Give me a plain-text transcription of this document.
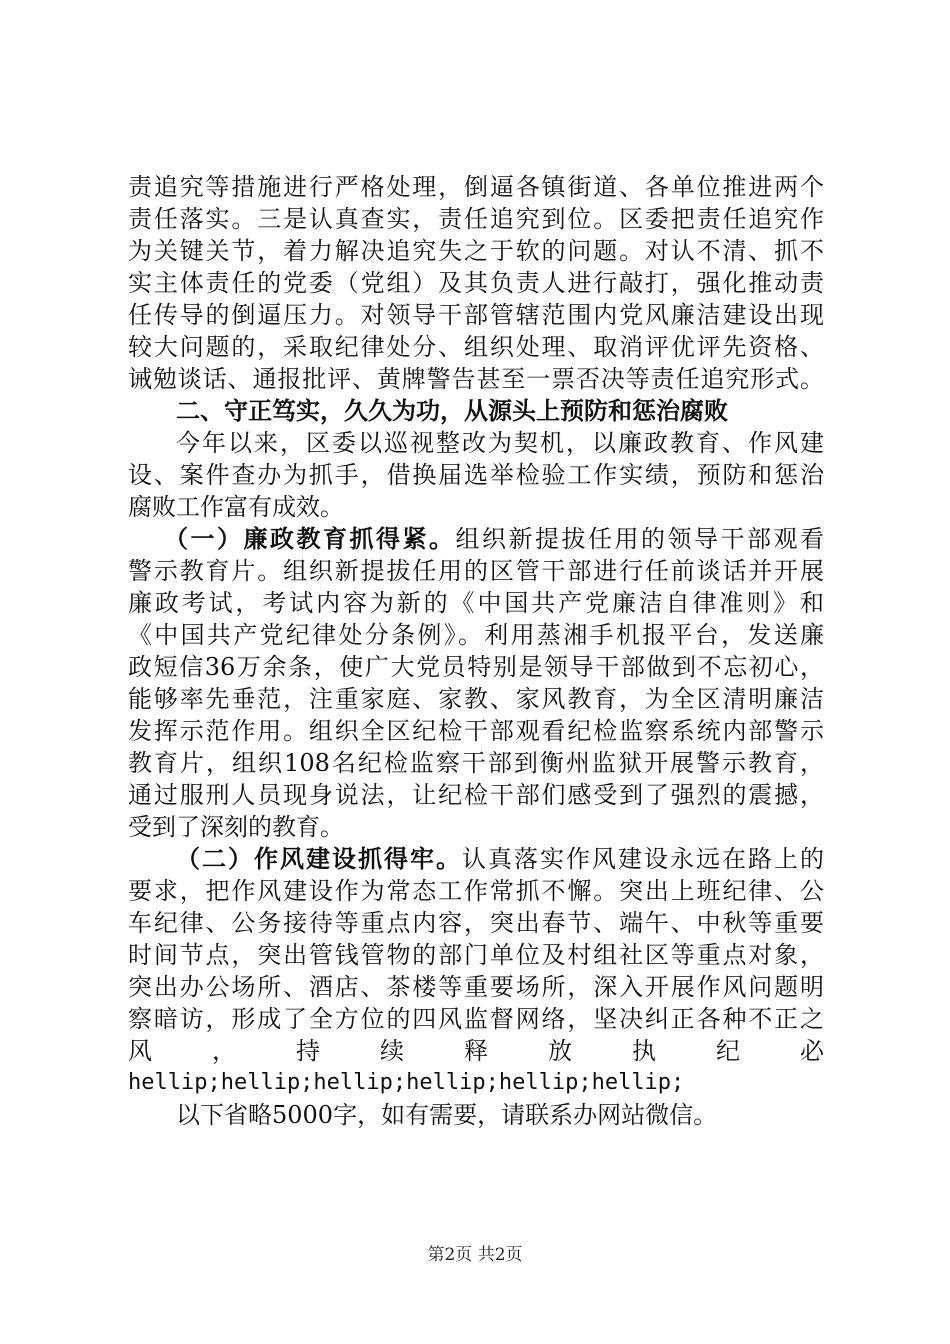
责追究等措施进行严格处理，倒逼各镇街道、各单位推进两个
责任落实。三是认真查实，责任追究到位。区委把责任追究作
为关键关节，着力解决追究失之于软的问题。对认不清、抓不
实主体责任的党委（党组）及其负责人进行敲打，强化推动责
任传导的倒逼压力。对领导干部管辖范围内党风廉洁建设出现
较大问题的，采取纪律处分、组织处理、取消评优评先资格、
诫勉谈话、通报批评、黄牌警告甚至一票否决等责任追究形式。
二、守正笃实，久久为功，从源头上预防和惩治腐败
今年以来，区委以巡视整改为契机，以廉政教育、作风建
设、案件查办为抓手，借换届选举检验工作实绩，预防和惩治
腐败工作富有成效。
（一）廉政教育抓得紧。组织新提拔任用的领导干部观看
警示教育片。组织新提拔任用的区管干部进行任前谈话并开展
廉政考试，考试内容为新的《中国共产党廉洁自律准则》和
《中国共产党纪律处分条例》。利用蒸湘手机报平台，发送廉
政短信36万余条，使广大党员特别是领导干部做到不忘初心，
能够率先垂范，注重家庭、家教、家风教育，为全区清明廉洁
发挥示范作用。组织全区纪检干部观看纪检监察系统内部警示
教育片，组织108名纪检监察干部到衡州监狱开展警示教育，
通过服刑人员现身说法，让纪检干部们感受到了强烈的震撼，
受到了深刻的教育。
（二）作风建设抓得牢。认真落实作风建设永远在路上的
要求，把作风建设作为常态工作常抓不懈。突出上班纪律、公
车纪律、公务接待等重点内容，突出春节、端午、中秋等重要
时间节点，突出管钱管物的部门单位及村组社区等重点对象，
突出办公场所、酒店、茶楼等重要场所，深入开展作风问题明
察暗访，形成了全方位的四风监督网络，坚决纠正各种不正之
风，持续释放执纪必
hellip;hellip;hellip;hellip;hellip;hellip;
以下省略5000字，如有需要，请联系办网站微信。
第2页 共2页
